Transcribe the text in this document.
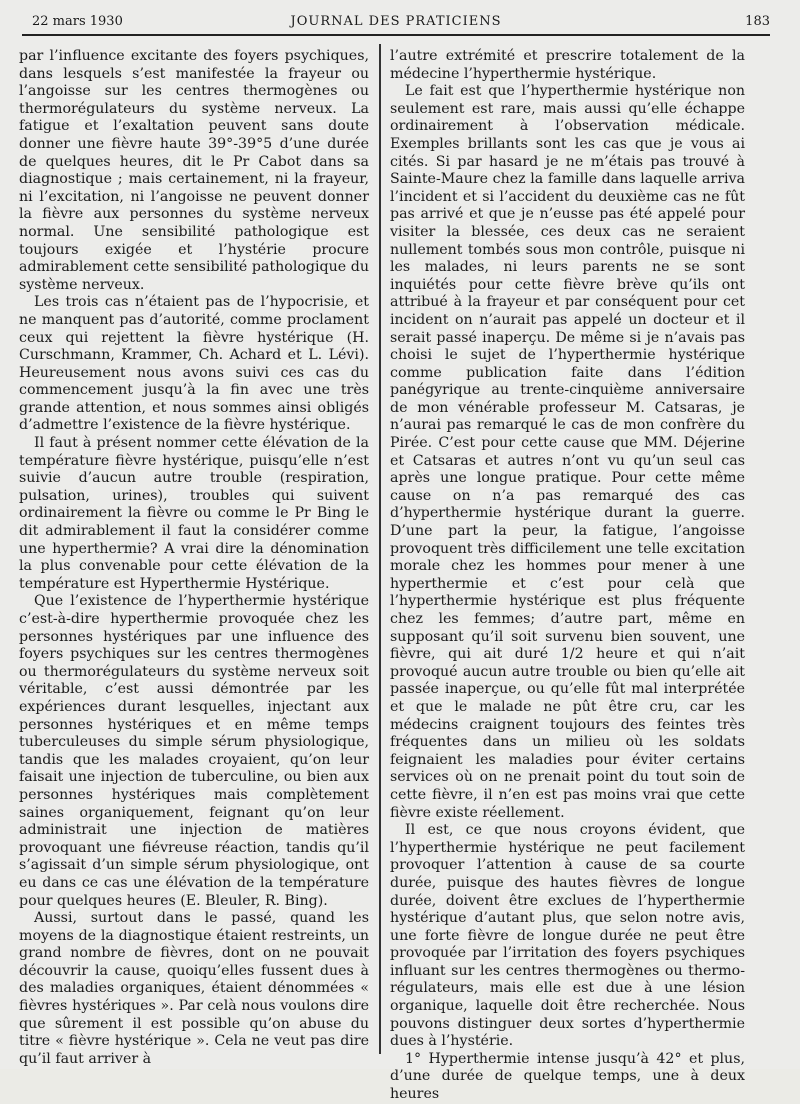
22 mars 1930	JOURNAL DES PRATICIENS	183

par l’influence excitante des foyers psychiques, dans lesquels s’est manifestée la frayeur ou l’angoisse sur les centres thermogènes ou thermorégulateurs du système nerveux. La fatigue et l’exaltation peuvent sans doute donner une fièvre haute 39°-39°5 d’une durée de quelques heures, dit le Pr Cabot dans sa diagnostique ; mais certainement, ni la frayeur, ni l’excitation, ni l’angoisse ne peuvent donner la fièvre aux personnes du système nerveux normal. Une sensibilité pathologique est toujours exigée et l’hystérie procure admirablement cette sensibilité pathologique du système nerveux.

Les trois cas n’étaient pas de l’hypocrisie, et ne manquent pas d’autorité, comme proclament ceux qui rejettent la fièvre hystérique (H. Curschmann, Krammer, Ch. Achard et L. Lévi). Heureusement nous avons suivi ces cas du commencement jusqu’à la fin avec une très grande attention, et nous sommes ainsi obligés d’admettre l’existence de la fièvre hystérique.

Il faut à présent nommer cette élévation de la température fièvre hystérique, puisqu’elle n’est suivie d’aucun autre trouble (respiration, pulsation, urines), troubles qui suivent ordinairement la fièvre ou comme le Pr Bing le dit admirablement il faut la considérer comme une hyperthermie? A vrai dire la dénomination la plus convenable pour cette élévation de la température est Hyperthermie Hystérique.

Que l’existence de l’hyperthermie hystérique c’est-à-dire hyperthermie provoquée chez les personnes hystériques par une influence des foyers psychiques sur les centres thermogènes ou thermorégulateurs du système nerveux soit véritable, c’est aussi démontrée par les expériences durant lesquelles, injectant aux personnes hystériques et en même temps tuberculeuses du simple sérum physiologique, tandis que les malades croyaient, qu’on leur faisait une injection de tuberculine, ou bien aux personnes hystériques mais complètement saines organiquement, feignant qu’on leur administrait une injection de matières provoquant une fiévreuse réaction, tandis qu’il s’agissait d’un simple sérum physiologique, ont eu dans ce cas une élévation de la température pour quelques heures (E. Bleuler, R. Bing).

Aussi, surtout dans le passé, quand les moyens de la diagnostique étaient restreints, un grand nombre de fièvres, dont on ne pouvait découvrir la cause, quoiqu’elles fussent dues à des maladies organiques, étaient dénommées « fièvres hystériques ». Par celà nous voulons dire que sûrement il est possible qu’on abuse du titre « fièvre hystérique ». Cela ne veut pas dire qu’il faut arriver à

l’autre extrémité et prescrire totalement de la médecine l’hyperthermie hystérique.

Le fait est que l’hyperthermie hystérique non seulement est rare, mais aussi qu’elle échappe ordinairement à l’observation médicale. Exemples brillants sont les cas que je vous ai cités. Si par hasard je ne m’étais pas trouvé à Sainte-Maure chez la famille dans laquelle arriva l’incident et si l’accident du deuxième cas ne fût pas arrivé et que je n’eusse pas été appelé pour visiter la blessée, ces deux cas ne seraient nullement tombés sous mon contrôle, puisque ni les malades, ni leurs parents ne se sont inquiétés pour cette fièvre brève qu’ils ont attribué à la frayeur et par conséquent pour cet incident on n’aurait pas appelé un docteur et il serait passé inaperçu. De même si je n’avais pas choisi le sujet de l’hyperthermie hystérique comme publication faite dans l’édition panégyrique au trente-cinquième anniversaire de mon vénérable professeur M. Catsaras, je n’aurai pas remarqué le cas de mon confrère du Pirée. C’est pour cette cause que MM. Déjerine et Catsaras et autres n’ont vu qu’un seul cas après une longue pratique. Pour cette même cause on n’a pas remarqué des cas d’hyperthermie hystérique durant la guerre. D’une part la peur, la fatigue, l’angoisse provoquent très difficilement une telle excitation morale chez les hommes pour mener à une hyperthermie et c’est pour celà que l’hyperthermie hystérique est plus fréquente chez les femmes; d’autre part, même en supposant qu’il soit survenu bien souvent, une fièvre, qui ait duré 1/2 heure et qui n’ait provoqué aucun autre trouble ou bien qu’elle ait passée inaperçue, ou qu’elle fût mal interprétée et que le malade ne pût être cru, car les médecins craignent toujours des feintes très fréquentes dans un milieu où les soldats feignaient les maladies pour éviter certains services où on ne prenait point du tout soin de cette fièvre, il n’en est pas moins vrai que cette fièvre existe réellement.

Il est, ce que nous croyons évident, que l’hyperthermie hystérique ne peut facilement provoquer l’attention à cause de sa courte durée, puisque des hautes fièvres de longue durée, doivent être exclues de l’hyperthermie hystérique d’autant plus, que selon notre avis, une forte fièvre de longue durée ne peut être provoquée par l’irritation des foyers psychiques influant sur les centres thermogènes ou thermo-régulateurs, mais elle est due à une lésion organique, laquelle doit être recherchée. Nous pouvons distinguer deux sortes d’hyperthermie dues à l’hystérie.

1° Hyperthermie intense jusqu’à 42° et plus, d’une durée de quelque temps, une à deux heures
